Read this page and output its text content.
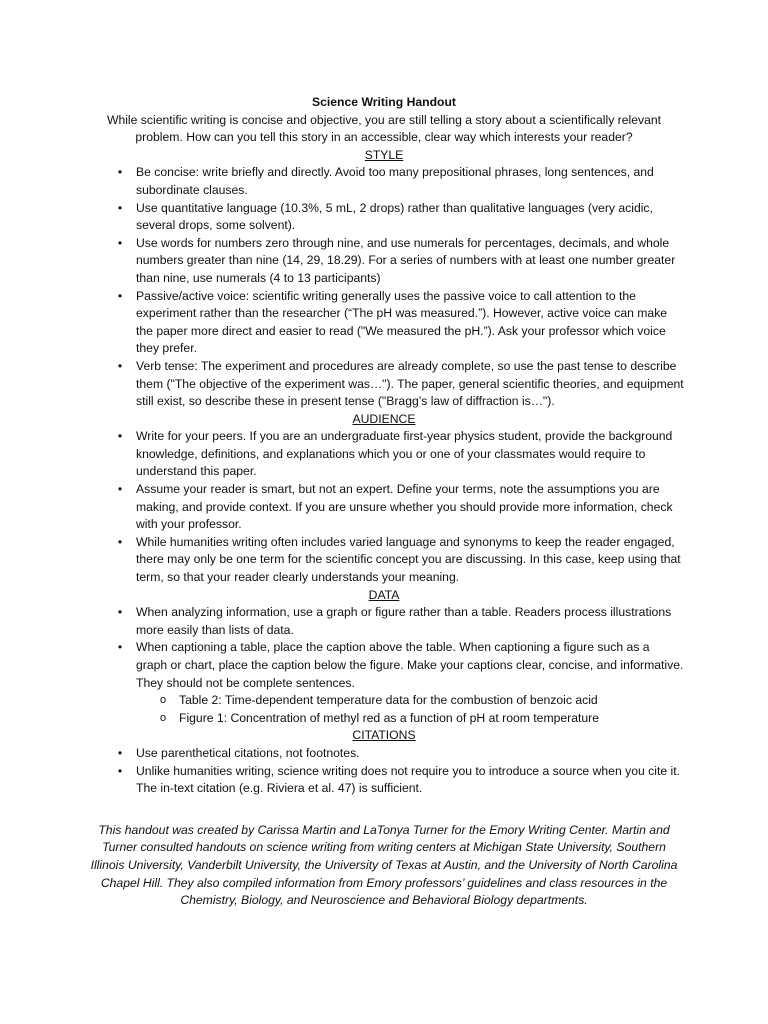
Science Writing Handout

While scientific writing is concise and objective, you are still telling a story about a scientifically relevant problem. How can you tell this story in an accessible, clear way which interests your reader?

STYLE

•	Be concise: write briefly and directly. Avoid too many prepositional phrases, long sentences, and subordinate clauses.
•	Use quantitative language (10.3%, 5 mL, 2 drops) rather than qualitative languages (very acidic, several drops, some solvent).
•	Use words for numbers zero through nine, and use numerals for percentages, decimals, and whole numbers greater than nine (14, 29, 18.29). For a series of numbers with at least one number greater than nine, use numerals (4 to 13 participants)
•	Passive/active voice: scientific writing generally uses the passive voice to call attention to the experiment rather than the researcher (“The pH was measured.”). However, active voice can make the paper more direct and easier to read ("We measured the pH.”). Ask your professor which voice they prefer.
•	Verb tense: The experiment and procedures are already complete, so use the past tense to describe them ("The objective of the experiment was…"). The paper, general scientific theories, and equipment still exist, so describe these in present tense ("Bragg’s law of diffraction is…").

AUDIENCE

•	Write for your peers. If you are an undergraduate first-year physics student, provide the background knowledge, definitions, and explanations which you or one of your classmates would require to understand this paper.
•	Assume your reader is smart, but not an expert. Define your terms, note the assumptions you are making, and provide context. If you are unsure whether you should provide more information, check with your professor.
•	While humanities writing often includes varied language and synonyms to keep the reader engaged, there may only be one term for the scientific concept you are discussing. In this case, keep using that term, so that your reader clearly understands your meaning.

DATA

•	When analyzing information, use a graph or figure rather than a table. Readers process illustrations more easily than lists of data.
•	When captioning a table, place the caption above the table. When captioning a figure such as a graph or chart, place the caption below the figure. Make your captions clear, concise, and informative. They should not be complete sentences.
o Table 2: Time-dependent temperature data for the combustion of benzoic acid
o Figure 1: Concentration of methyl red as a function of pH at room temperature

CITATIONS

•	Use parenthetical citations, not footnotes.
•	Unlike humanities writing, science writing does not require you to introduce a source when you cite it. The in-text citation (e.g. Riviera et al. 47) is sufficient.

This handout was created by Carissa Martin and LaTonya Turner for the Emory Writing Center. Martin and Turner consulted handouts on science writing from writing centers at Michigan State University, Southern Illinois University, Vanderbilt University, the University of Texas at Austin, and the University of North Carolina Chapel Hill. They also compiled information from Emory professors’ guidelines and class resources in the Chemistry, Biology, and Neuroscience and Behavioral Biology departments.
